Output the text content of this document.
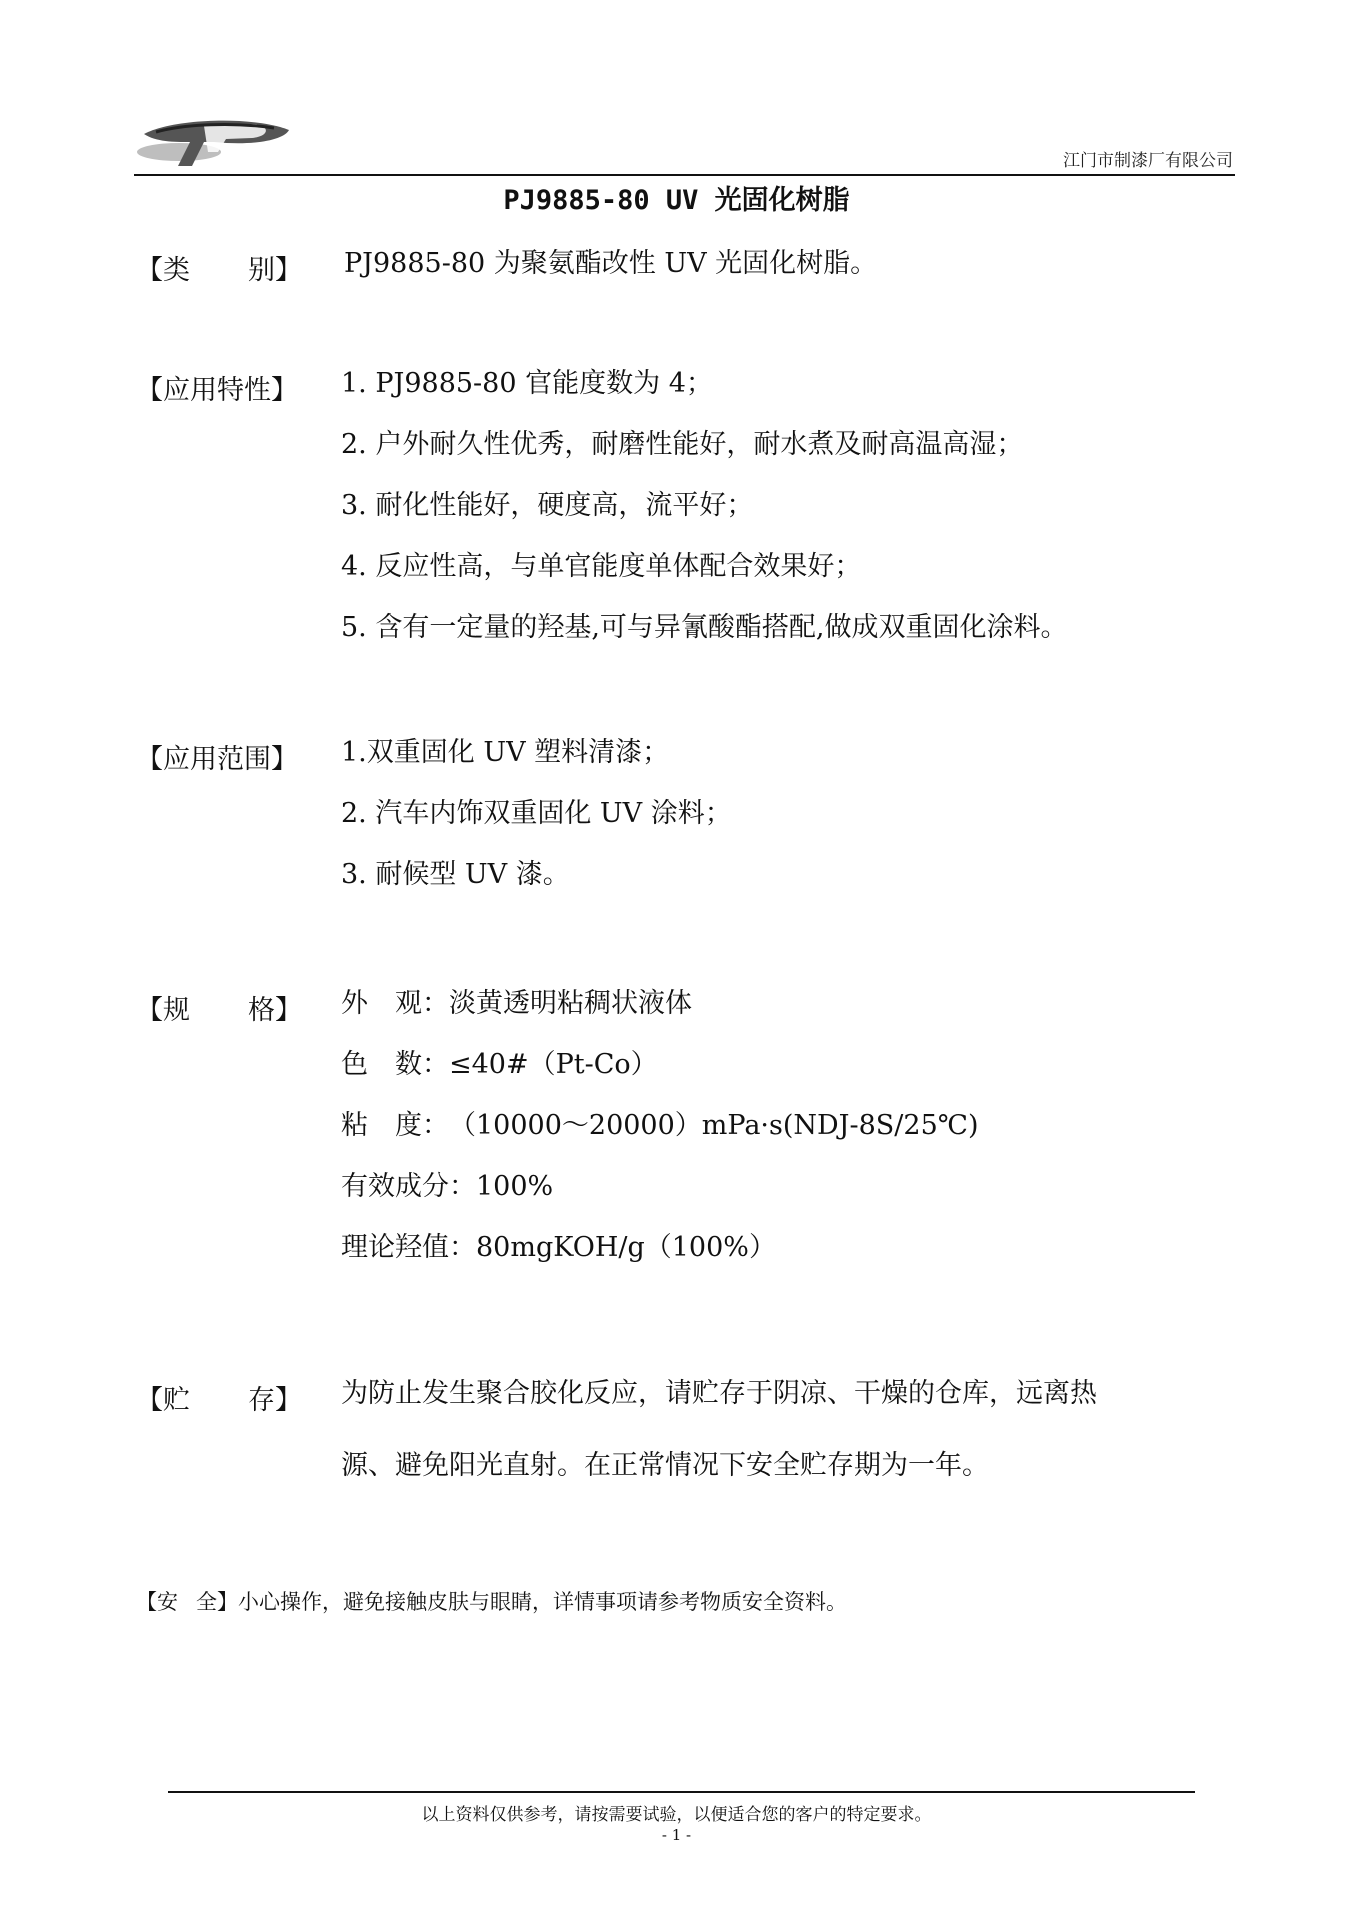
江门市制漆厂有限公司
PJ9885-80 UV 光固化树脂
【类 别】 PJ9885-80 为聚氨酯改性 UV 光固化树脂。
【应用特性】 1. PJ9885-80 官能度数为 4；
2. 户外耐久性优秀，耐磨性能好，耐水煮及耐高温高湿；
3. 耐化性能好，硬度高，流平好；
4. 反应性高，与单官能度单体配合效果好；
5. 含有一定量的羟基,可与异氰酸酯搭配,做成双重固化涂料。
【应用范围】 1.双重固化 UV 塑料清漆；
2. 汽车内饰双重固化 UV 涂料；
3. 耐候型 UV 漆。
【规 格】 外　观：淡黄透明粘稠状液体
色　数：≤40#（Pt-Co）
粘　度：（10000～20000）mPa·s(NDJ-8S/25℃)
有效成分：100%
理论羟值：80mgKOH/g（100%）
【贮 存】 为防止发生聚合胶化反应，请贮存于阴凉、干燥的仓库，远离热
源、避免阳光直射。在正常情况下安全贮存期为一年。
【安 全】小心操作，避免接触皮肤与眼睛，详情事项请参考物质安全资料。
以上资料仅供参考，请按需要试验，以便适合您的客户的特定要求。
- 1 -
